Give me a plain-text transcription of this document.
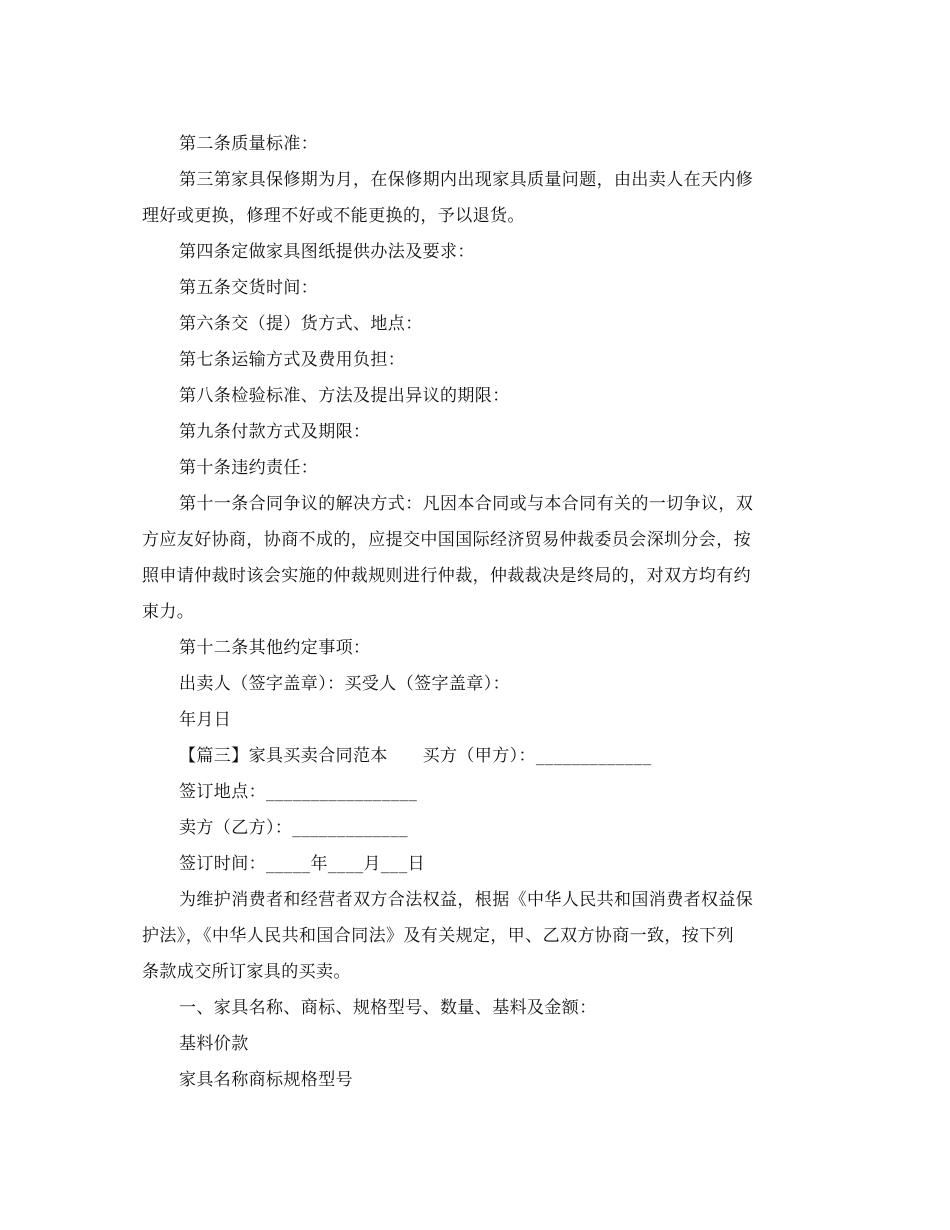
第二条质量标准：

第三第家具保修期为月，在保修期内出现家具质量问题，由出卖人在天内修

理好或更换，修理不好或不能更换的，予以退货。

第四条定做家具图纸提供办法及要求：

第五条交货时间：

第六条交（提）货方式、地点：

第七条运输方式及费用负担：

第八条检验标准、方法及提出异议的期限：

第九条付款方式及期限：

第十条违约责任：

第十一条合同争议的解决方式：凡因本合同或与本合同有关的一切争议，双

方应友好协商，协商不成的，应提交中国国际经济贸易仲裁委员会深圳分会，按

照申请仲裁时该会实施的仲裁规则进行仲裁，仲裁裁决是终局的，对双方均有约

束力。

第十二条其他约定事项：

出卖人（签字盖章）：买受人（签字盖章）：

年月日

【篇三】家具买卖合同范本　　买方（甲方）：_____________

签订地点：_________________

卖方（乙方）：_____________

签订时间：_____年____月___日

为维护消费者和经营者双方合法权益，根据《中华人民共和国消费者权益保

护法》，《中华人民共和国合同法》及有关规定，甲、乙双方协商一致，按下列

条款成交所订家具的买卖。

一、家具名称、商标、规格型号、数量、基料及金额：

基料价款

家具名称商标规格型号
